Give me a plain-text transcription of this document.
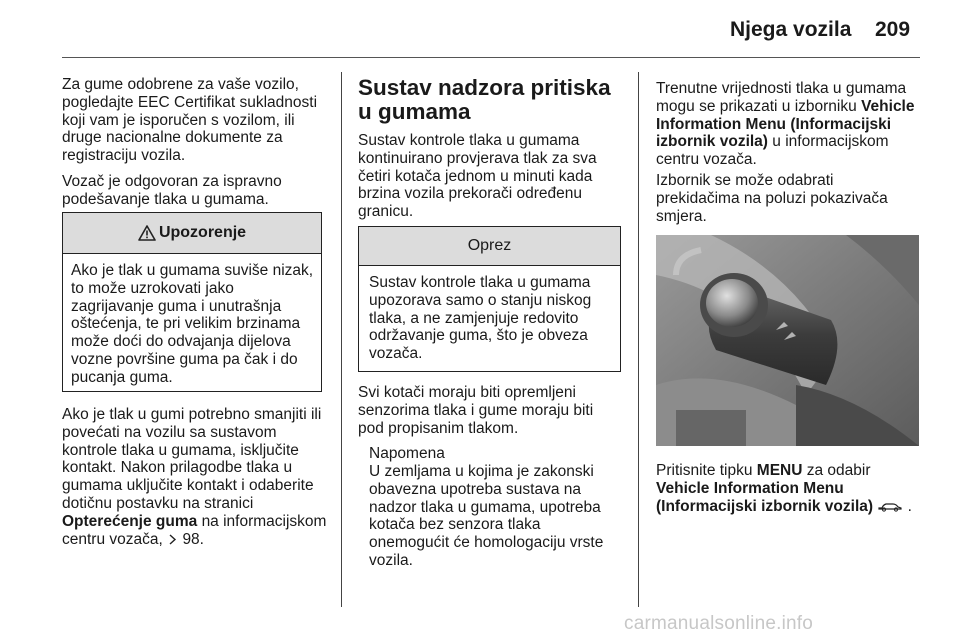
Njega vozila 209
Za gume odobrene za vaše vozilo, pogledajte EEC Certifikat sukladnosti koji vam je isporučen s vozilom, ili druge nacionalne dokumente za registraciju vozila.
Vozač je odgovoran za ispravno podešavanje tlaka u gumama.
Upozorenje
Ako je tlak u gumama suviše nizak, to može uzrokovati jako zagrijavanje guma i unutrašnja oštećenja, te pri velikim brzinama može doći do odvajanja dijelova vozne površine guma pa čak i do pucanja guma.
Ako je tlak u gumi potrebno smanjiti ili povećati na vozilu sa sustavom kontrole tlaka u gumama, isključite kontakt. Nakon prilagodbe tlaka u gumama uključite kontakt i odaberite dotičnu postavku na stranici Opterećenje guma na informacijskom centru vozača, 98.
Sustav nadzora pritiska u gumama
Sustav kontrole tlaka u gumama kontinuirano provjerava tlak za sva četiri kotača jednom u minuti kada brzina vozila prekorači određenu granicu.
Oprez
Sustav kontrole tlaka u gumama upozorava samo o stanju niskog tlaka, a ne zamjenjuje redovito održavanje guma, što je obveza vozača.
Svi kotači moraju biti opremljeni senzorima tlaka i gume moraju biti pod propisanim tlakom.
Napomena
U zemljama u kojima je zakonski obavezna upotreba sustava na nadzor tlaka u gumama, upotreba kotača bez senzora tlaka onemogućit će homologaciju vrste vozila.
Trenutne vrijednosti tlaka u gumama mogu se prikazati u izborniku Vehicle Information Menu (Informacijski izbornik vozila) u informacijskom centru vozača.
Izbornik se može odabrati prekidačima na poluzi pokazivača smjera.
Pritisnite tipku MENU za odabir Vehicle Information Menu (Informacijski izbornik vozila) .
carmanualsonline.info
